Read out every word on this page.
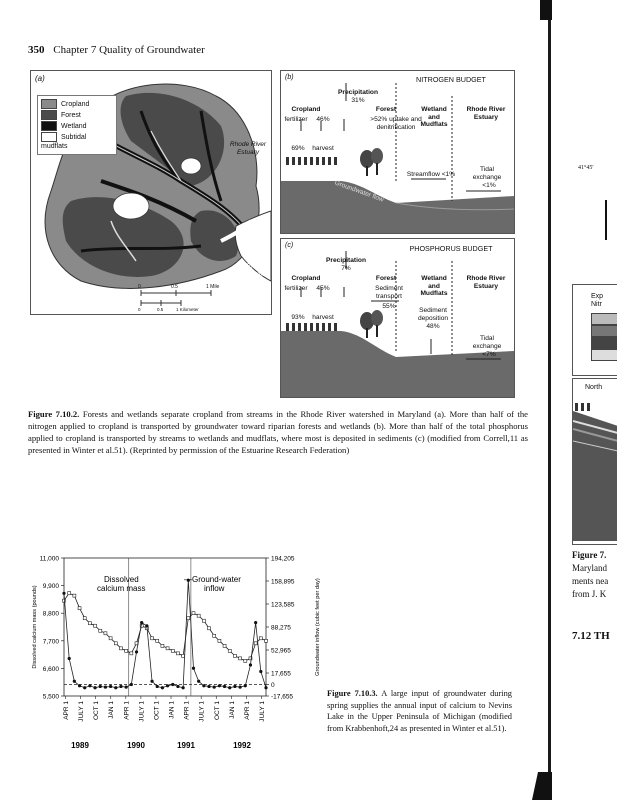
350 Chapter 7 Quality of Groundwater
(a)
Cropland
Forest
Wetland
Subtidal mudflats	Rhode River Estuary
To Chesapeake Bay
0	0.5	1 Mile
0	0.5	1 Kilometer
(b)	NITROGEN BUDGET
Precipitation
31%
Cropland	Forest	Wetland and Mudflats
Rhode River Estuary
fertilizer	46%	>52% uptake and denitrification
69%	harvest
Streamflow <1%
Tidal exchange
<1%
Groundwater flow
(c)	PHOSPHORUS BUDGET
Precipitation
7%
Cropland	Forest	Wetland and Mudflats
Rhode River Estuary
fertilizer	45%	Sediment transport
55%
93%	harvest
Sediment deposition
48%
Tidal exchange
<7%
Figure 7.10.2. Forests and wetlands separate cropland from streams in the Rhode River watershed in Maryland (a). More than half of the nitrogen applied to cropland is transported by groundwater toward riparian forests and wetlands (b). More than half of the total phosphorus applied to cropland is transported by streams to wetlands and mudflats, where most is deposited in sediments (c) (modified from Correll,11 as presented in Winter et al.51). (Reprinted by permission of the Estuarine Research Federation)
11,000
9,900
8,800
7,700
6,600
5,500
194,205
158,895
123,585
88,275
52,965
17,655
0
-17,655
APR 1 JULY 1 OCT 1 JAN 1 APR 1 JULY 1 OCT 1 JAN 1 APR 1 JULY 1 OCT 1 JAN 1 APR 1 JULY 1
1989	1990	1991	1992
Dissolved calcium mass (pounds)	Groundwater inflow (cubic feet per day)
Dissolved
calcium mass
—Ground-water
inflow
Figure 7.10.3. A large input of groundwater during spring supplies the annual input of calcium to Nevins Lake in the Upper Peninsula of Michigan (modified from Krabbenhoft,24 as presented in Winter et al.51).
41°45'
Exp
Nitr
North
Figure 7.
Maryland
ments nea
from J. K
7.12 TH
